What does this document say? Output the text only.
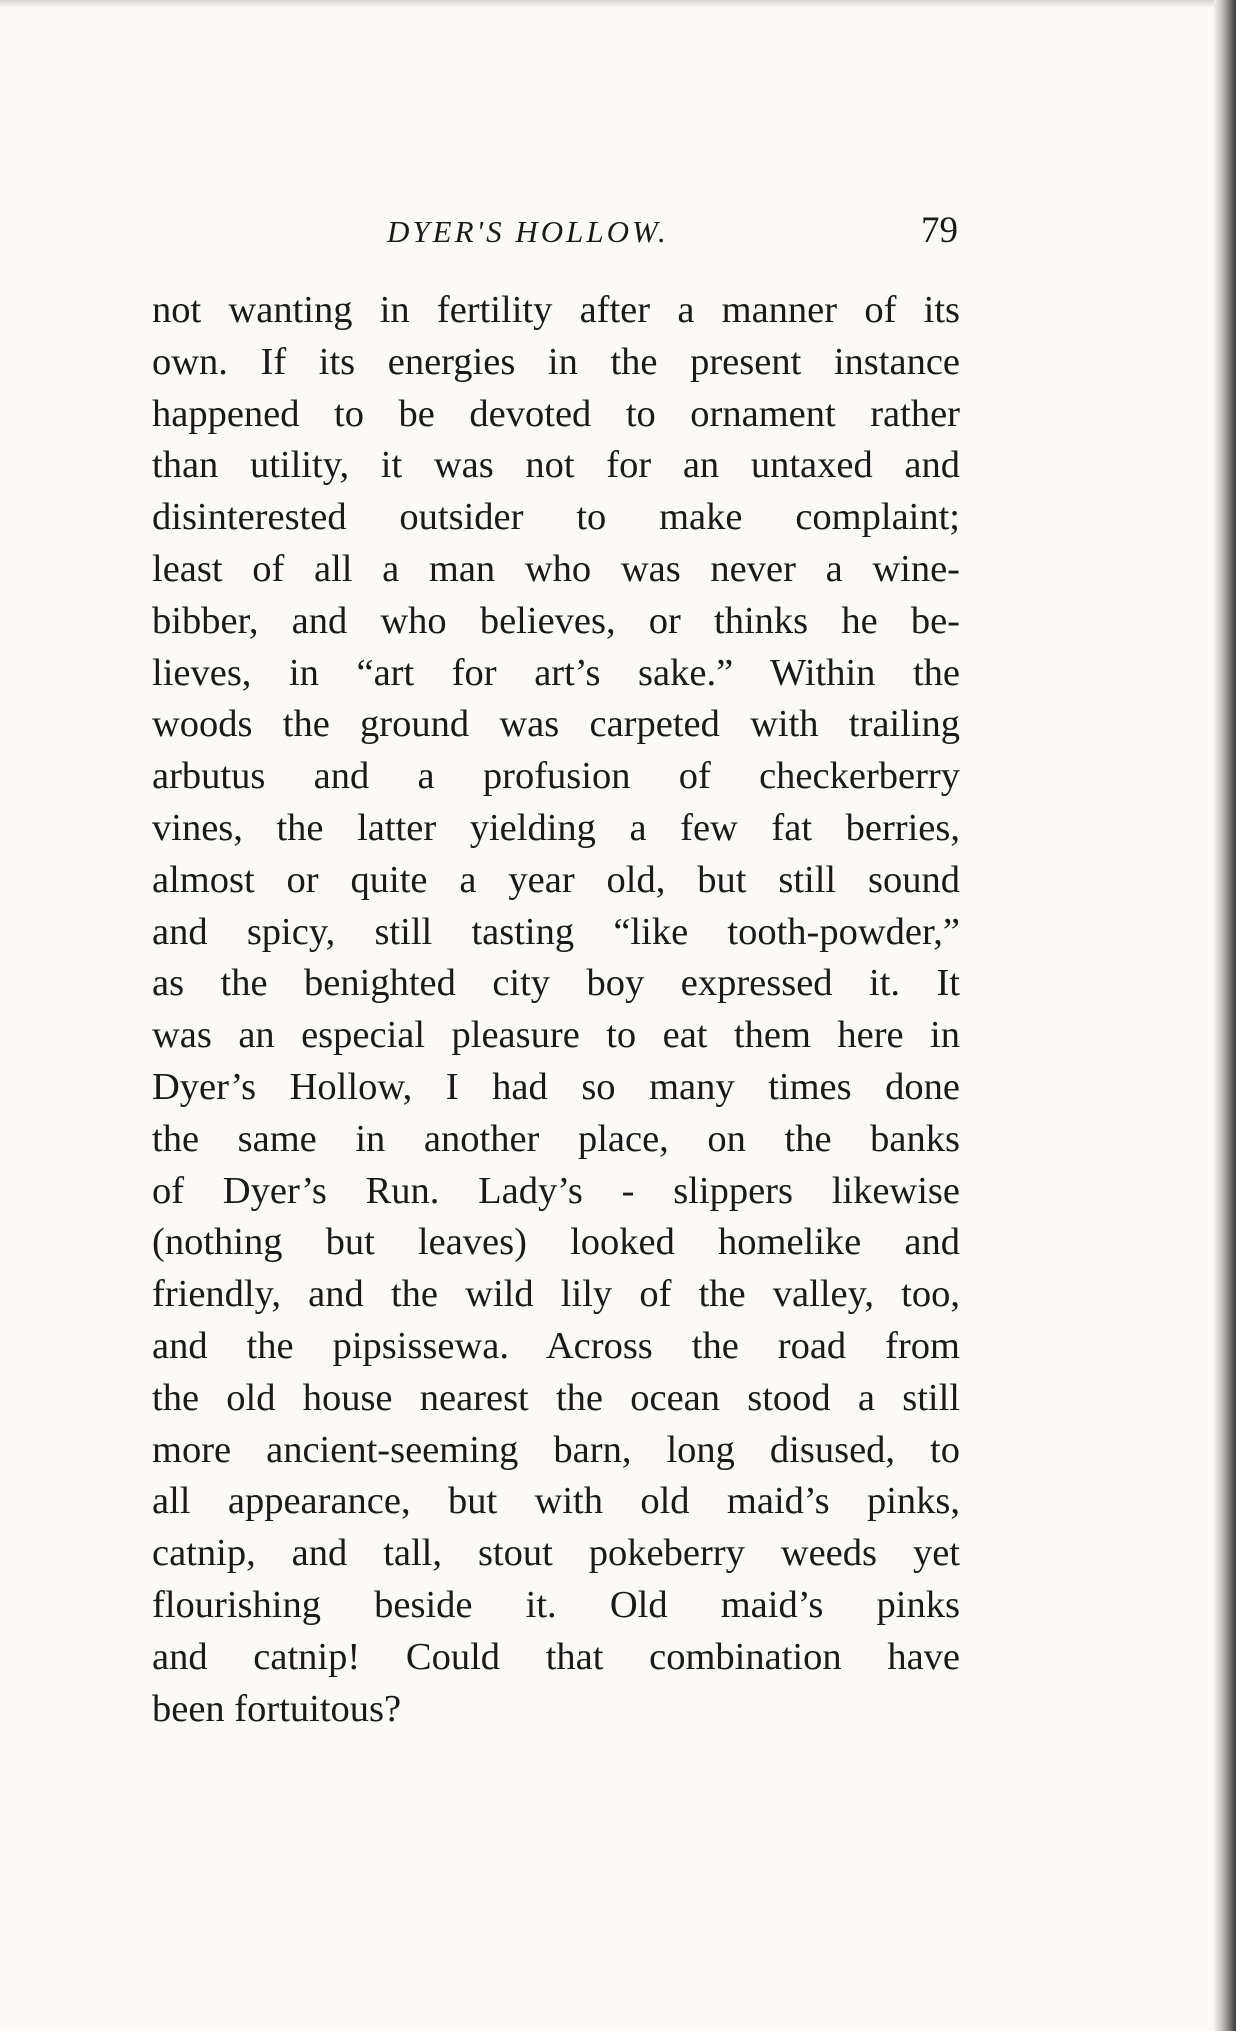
DYER'S HOLLOW.	79
not wanting in fertility after a manner of its
own. If its energies in the present instance
happened to be devoted to ornament rather
than utility, it was not for an untaxed and
disinterested outsider to make complaint;
least of all a man who was never a wine-
bibber, and who believes, or thinks he be-
lieves, in “art for art’s sake.” Within the
woods the ground was carpeted with trailing
arbutus and a profusion of checkerberry
vines, the latter yielding a few fat berries,
almost or quite a year old, but still sound
and spicy, still tasting “like tooth-powder,”
as the benighted city boy expressed it. It
was an especial pleasure to eat them here in
Dyer’s Hollow, I had so many times done
the same in another place, on the banks
of Dyer’s Run. Lady’s - slippers likewise
(nothing but leaves) looked homelike and
friendly, and the wild lily of the valley, too,
and the pipsissewa. Across the road from
the old house nearest the ocean stood a still
more ancient-seeming barn, long disused, to
all appearance, but with old maid’s pinks,
catnip, and tall, stout pokeberry weeds yet
flourishing beside it. Old maid’s pinks
and catnip! Could that combination have
been fortuitous?
